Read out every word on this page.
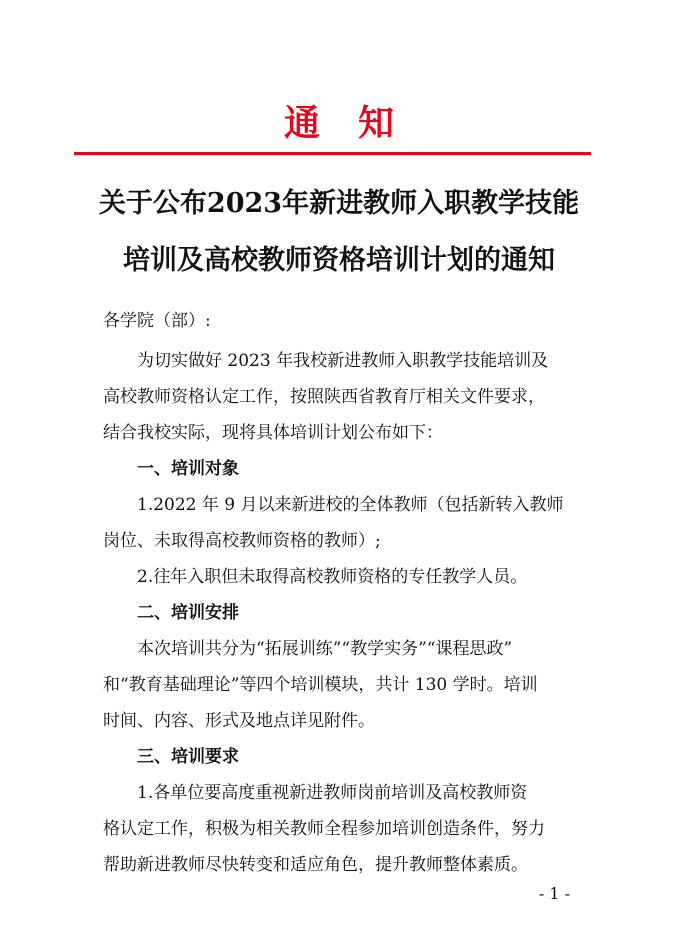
通知
关于公布2023年新进教师入职教学技能
培训及高校教师资格培训计划的通知
各学院（部）:
为切实做好 2023 年我校新进教师入职教学技能培训及
高校教师资格认定工作，按照陕西省教育厅相关文件要求，
结合我校实际，现将具体培训计划公布如下：
一、培训对象
1.2022 年 9 月以来新进校的全体教师（包括新转入教师
岗位、未取得高校教师资格的教师）;
2.往年入职但未取得高校教师资格的专任教学人员。
二、培训安排
本次培训共分为“拓展训练”“教学实务”“课程思政”
和“教育基础理论”等四个培训模块，共计 130 学时。培训
时间、内容、形式及地点详见附件。
三、培训要求
1.各单位要高度重视新进教师岗前培训及高校教师资
格认定工作，积极为相关教师全程参加培训创造条件，努力
帮助新进教师尽快转变和适应角色，提升教师整体素质。
- 1 -
